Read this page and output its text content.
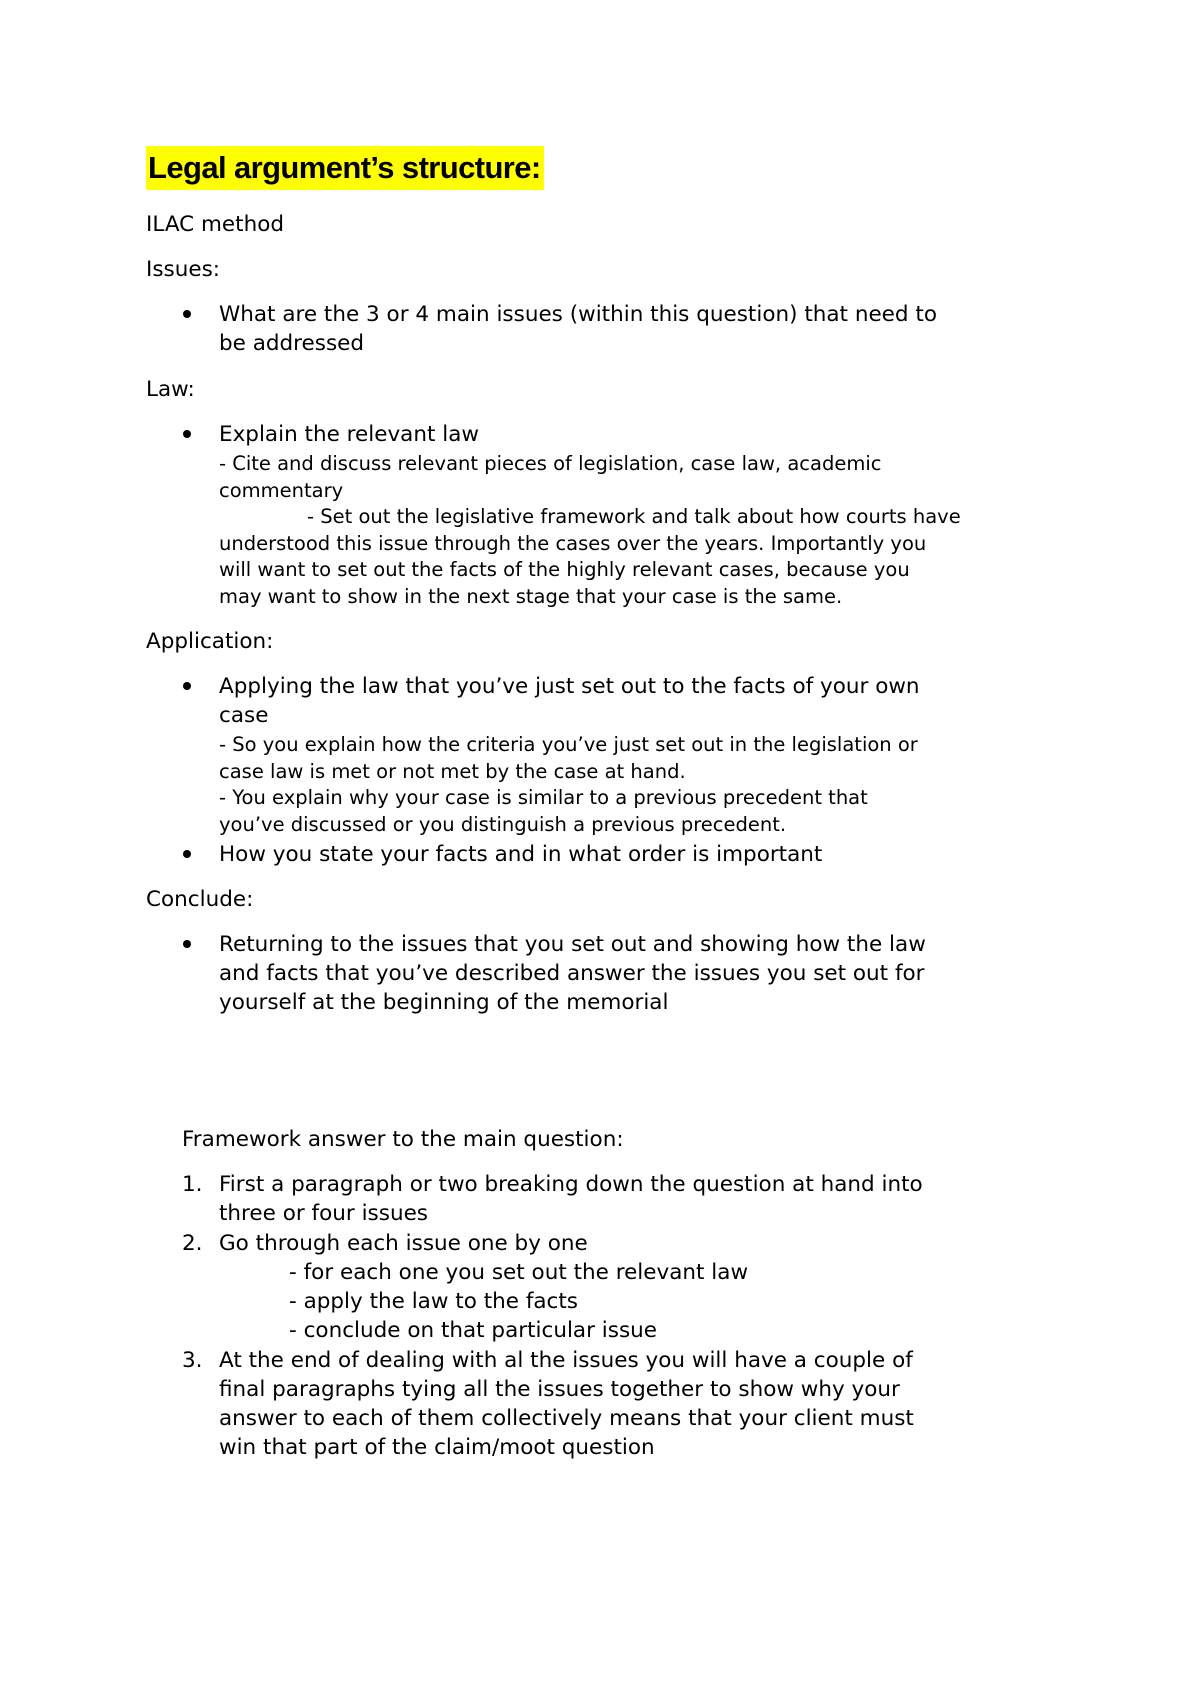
Legal argument’s structure:

ILAC method

Issues:

What are the 3 or 4 main issues (within this question) that need to
be addressed

Law:

Explain the relevant law

- Cite and discuss relevant pieces of legislation, case law, academic
commentary
- Set out the legislative framework and talk about how courts have
understood this issue through the cases over the years. Importantly you
will want to set out the facts of the highly relevant cases, because you
may want to show in the next stage that your case is the same.

Application:

Applying the law that you’ve just set out to the facts of your own
case
- So you explain how the criteria you’ve just set out in the legislation or
case law is met or not met by the case at hand.
- You explain why your case is similar to a previous precedent that
you’ve discussed or you distinguish a previous precedent.

How you state your facts and in what order is important

Conclude:

Returning to the issues that you set out and showing how the law
and facts that you’ve described answer the issues you set out for
yourself at the beginning of the memorial

Framework answer to the main question:

1. First a paragraph or two breaking down the question at hand into
three or four issues

2. Go through each issue one by one
- for each one you set out the relevant law
- apply the law to the facts
- conclude on that particular issue

3. At the end of dealing with al the issues you will have a couple of
final paragraphs tying all the issues together to show why your
answer to each of them collectively means that your client must
win that part of the claim/moot question
